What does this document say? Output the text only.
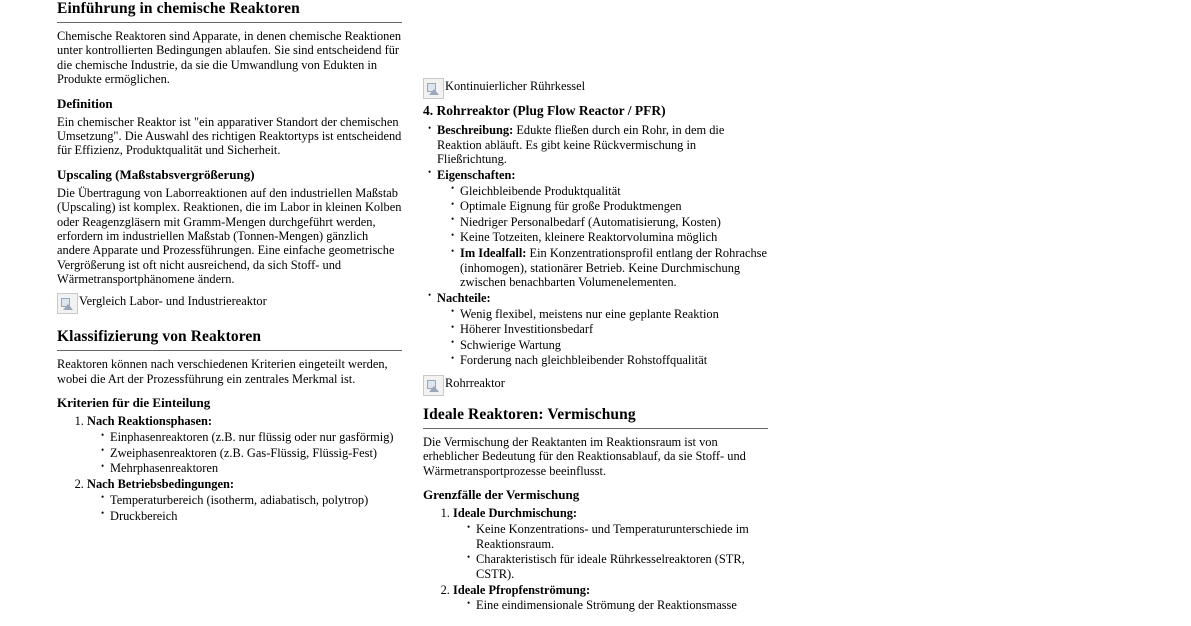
Einführung in chemische Reaktoren

Chemische Reaktoren sind Apparate, in denen chemische Reaktionen unter kontrollierten Bedingungen ablaufen. Sie sind entscheidend für die chemische Industrie, da sie die Umwandlung von Edukten in Produkte ermöglichen.

Definition

Ein chemischer Reaktor ist "ein apparativer Standort der chemischen Umsetzung". Die Auswahl des richtigen Reaktortyps ist entscheidend für Effizienz, Produktqualität und Sicherheit.

Upscaling (Maßstabsvergrößerung)

Die Übertragung von Laborreaktionen auf den industriellen Maßstab (Upscaling) ist komplex. Reaktionen, die im Labor in kleinen Kolben oder Reagenzgläsern mit Gramm-Mengen durchgeführt werden, erfordern im industriellen Maßstab (Tonnen-Mengen) gänzlich andere Apparate und Prozessführungen. Eine einfache geometrische Vergrößerung ist oft nicht ausreichend, da sich Stoff- und Wärmetransportphänomene ändern.

Vergleich Labor- und Industriereaktor
Klassifizierung von Reaktoren

Reaktoren können nach verschiedenen Kriterien eingeteilt werden, wobei die Art der Prozessführung ein zentrales Merkmal ist.

Kriterien für die Einteilung
1. Nach Reaktionsphasen:
• Einphasenreaktoren (z.B. nur flüssig oder nur gasförmig)
• Zweiphasenreaktoren (z.B. Gas-Flüssig, Flüssig-Fest)
• Mehrphasenreaktoren
2. Nach Betriebsbedingungen:
• Temperaturbereich (isotherm, adiabatisch, polytrop)
• Druckbereich
Kontinuierlicher Rührkessel
4. Rohrreaktor (Plug Flow Reactor / PFR)
• Beschreibung: Edukte fließen durch ein Rohr, in dem die Reaktion abläuft. Es gibt keine Rückvermischung in Fließrichtung.
• Eigenschaften:
• Gleichbleibende Produktqualität
• Optimale Eignung für große Produktmengen
• Niedriger Personalbedarf (Automatisierung, Kosten)
• Keine Totzeiten, kleinere Reaktorvolumina möglich
• Im Idealfall: Ein Konzentrationsprofil entlang der Rohrachse (inhomogen), stationärer Betrieb. Keine Durchmischung zwischen benachbarten Volumenelementen.
• Nachteile:
• Wenig flexibel, meistens nur eine geplante Reaktion
• Höherer Investitionsbedarf
• Schwierige Wartung
• Forderung nach gleichbleibender Rohstoffqualität
Rohrreaktor
Ideale Reaktoren: Vermischung

Die Vermischung der Reaktanten im Reaktionsraum ist von erheblicher Bedeutung für den Reaktionsablauf, da sie Stoff- und Wärmetransportprozesse beeinflusst.

Grenzfälle der Vermischung
1. Ideale Durchmischung:
• Keine Konzentrations- und Temperaturunterschiede im Reaktionsraum.
• Charakteristisch für ideale Rührkesselreaktoren (STR, CSTR).
2. Ideale Pfropfenströmung:
• Eine eindimensionale Strömung der Reaktionsmasse
